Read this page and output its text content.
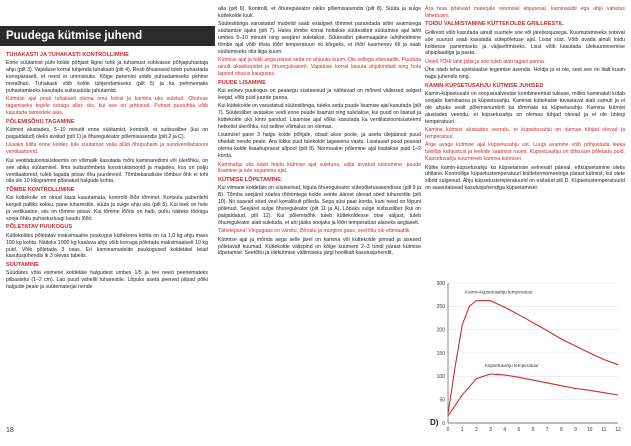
Puudega kütmise juhend

TUHAKASTI JA TUHAKASTI KONTROLLIMINE

Enne süütamist pühi kolde põhjast liigne tuhk ja tuhamust sobivasse põhjapuhastaja ahju (pilt 3). Vajaduse korral tühjenda tuhakasti (pilt 4). Resti õhuavasid tuleb puhastada korrapäraselt, et need ei ummistuks. Kõige paremini sobib puhastamiseks pehme metallhari. Tuhakasti võib kolde tühjendamiseks (pilt 5) ja ka pehmemaks puhastamiseks kasutada suitsusüüte jahutamist.

Kütmise ajal peab tuhakasti olema oma kohal ja kamina uks suletud. Ohutuse tagamiseks tegele tuhaga alles siis, kui see on jahtunud. Puhast puutuhka võib kasutada taimedele aias.

PÕLEMISÕHU TAGAMINE

Kütmist alustades, 5–10 minutit enne süütamist, kontrolli, et suitsusiiber (kui on paigaldatud) oleks avatud (pilt 1) ja õhureguleator põlemisasendis (pilt 2 ja C).

Uusaks lülita enne koldes tule süütamist välja pliidi õhupuhasti ja sundventilatsiooni ventilaatoreid.

Kui ventilatsioonisüsteemis on võimalik kasutada mõni kaminarežiimi või ülerõhku, on see abiks süütamisel. Ilma suitsutõmbeta konstruktsioonid ja majades, kus on palju ventilaatoreid, tuleb tagada piisav õhu juurdevool. Tõmbekanalisse tõmbuv õhk ei tohi olla üle 10 kilogrammi põletatud halgude kohta.

TÕMBE KONTROLLIMINE

Kui küttekolle on olnud kaua kasutamata, kontrolli lõõri tõmmet. Kortsuta paberileht kergelt palliks kokku, pane tuharestile, süüta ja sulge ahju uks (pilt 5). Kui leek on hele ja vertikaalne, siis on tõmme piisav. Kui tõmme lõõris on halb, puhu näiteks fööniga sooja õhku puhastusluugi kaudu lõõri.

PÕLETATAV PUUKOGUS

Küttekoldes põletatav maksimaalne puukogus küttekorra kohta on ca 1,0 kg ahju mass 100 kg kohta. Näiteks 1000 kg kaaluva ahju võib korraga põletada maksimaalselt 10 kg puid. Võib põletada 3 osas. Eri kaminamudelite puukogused koldetäiel leiad kasutusjuhendis lk 3 olevas tabelis.

SÜÜTAMINE

Süüdates võta esimese koldetäie halgudest umbes 1/5 ja tee need peenemateks pilbasteks (1–2 cm). Lao puud vaheliti tuharestile. Lõpuks aseta peened pilpad põiki halgude peale ja süütematerjal nende

alla (pilt 6). Kontrolli, et õhureguleator oleks põlemisasendis (pilt 8). Süüta ja sulge küttekolde luuk.

Süütesiibriga varustatud mudelid saab esialgset tõmmet parandada siibri avamisega süütamise ajaks (pilt 7). Halva tõmbe korral hoitakse süütesiibrit süütamise ajal lahti umbes 5–10 minutit ning seejärel suletakse. Süütesiibri pikemaajaline lahtihoidmine tõmbe ajal võib tõsta lõõri temperatuuri nii kõrgeks, et lõõri kuumenev õli ja saab süütamiseks olla liiga kuum.

Kütmise ajal ja tükk aega pärast seda on ahjuuks kuum. Ole sellega ettevaatlik. Puuduta ainult ukselkepidet ja õhureguleatorit. Vajaduse korral kasuta ahjukindaid ning hoia lapsed ohutus kauguses.

PUUDE LISAMINE

Kui eelnev puukogus on peaaegu süsteeniud ja nähtavad on mõned väikesed selged leegid, võib puid juurde panna.

Kui küttekolde on varustatud süütesiibriga, tuleks seda puude lisamise ajal kasutada (pilt 7). Süütesiiber avatakse veidi enne puude lisamist ning suletakse, kui puud on lisatud ja küttekolde uks kinni pandud. Lisamise ajal võiks kasutada ka ventilatsioonisüsteemi hetkelist ülerõhku, kui selline võimalus on olemas.

Lisamisel pane 3 halgu kolde põhjale, otsad ukse poole, ja aseta ülejäänud puud tihedalt nende peale. Ära lükka puid tulekolde tagaseina vastu. Lisatavad puud peavad olema kolde lisaahupraost allpool (pilt 8). Normaalne põlemine ajal lisatakse puid 1–2 korda.

Kaminahju uks tuleb hoida kütmise ajal suletuna, välja arvatud süütamine, puude lisamine ja tule segamine ajal.

KÜTMISE LÕPETAMINE

Kui viimane koldetäis on süstesinud, liiguta õhureguleator sütepõletusasendisse (pilt 9 ja B). Tõmba seejärel söelva tõörimtega kolde seinte äärest olevad söed tuharestile (pilt 10). Nii saavad söed veel korralikult põleda. Sega süsi paar korda, kuni need on lõpuni põlenud. Seejärel sulge õhureguleator (pilt 11 ja A). Lõpuks sulge suitsusiiber (kui on paigaldatud, pilt 12). Kui põlemisõhk tuleb küttekoldesse otse väljast, tuleb õhureguleator alati suletuda, et ahi jääks soojaks ja lõõri temperatuur alaneks aeglaselt.

Tähelepanu! Vingugaas on värvitu, lõhnatu ja mürgine gaas, seetõttu ole ettevaatlik.

Kütmise ajal ja mõnda aega selle järel on kamina või küttekolde pinnad ja sisesed põletavalt kuumad. Küttekolde välispind on kõige kuumem 2–3 tundi pärast kütmise lõpetamist. Seetõttu ja ülekütmise vältimiseks järgi hoolikalt kasutusjuhendit.

Ära hoia põlevaid materjale eesmisel ahjupesal, kaminasiibl ega ahju vahetus läheduses.

TOIDU VALMISTAMINE KÜTTEKOLDE GRILLRESTIL

Grillresti võib kasutada ainult suurtele söe või järelsoojusega. Kuumutamiseks sobivat söe suurust saab kasutada sütepõletuse ajal. Lisas süst. Võib avada ainult toidu koldesse panemiseks ja väljavõtmiseks. Lisst võib kasutada ülekuumenemise ahjuplaadiga ja pasta.

Ustell TOHI lahti jätta ja see tuleb alati tagasi panna.

Ühe näeb teha spetsiaalse tegemise asendis. Hoidja ja ei ole, sest see on liialt kuum nagu juhendis ning.

KAMIN-KÜPSETUSAHJU KÜTMISE JUHISED

Kamin-küpsetusahi on soojustsalvestav kombineeritud tulease, milles kaminatuli kütab soojaks kaminaosa ja küpsetusahju. Kaminat küttekatse tuvastavat alati samuti ja ei ole ahjuks sealt põlemisnumbrit ka tõmmata ka küpsetusahju. Kamina kütmist alustades veendu, et küpsetusahju on olemas tühjad olevad ja ei ole ühtegi temperatuuri.

Kamina kütmist alustades veendu, et küpsetusahju on olemas tühjad olevad ja temperatuur.

Ärge avage kütmise ajal küpsetusahju ust. Luugi avamine võib põhjustada leeka tulelõpi kahjustusi ja leekide saatmist ruumi. Küpsetusahju on tõhusam põletada puid. Küpsetusahju kuumeneb kamina kütmisel.

Kütke kamin-küpsetusahju ka küpsetamise eelnevalt päeval, ettküpsetamine oleks ühtlane. Kontrollige küpsetustemperatuuri koldetermomeetriga pärast kütmist, kui olete sibrid sulgenud. Ahju küpsetustemperatuurid on esitatud pilt D. Küpsetustemperatuurid on saavutatavad kasutusjuhendiga küpsetamisel.

0
50
100
150
200
250
300
0 1 2 3 4 5 6 7 8 9 10 11 12
Kamin-küpsetusahju temperatuur
Küpsetusahju temperatuur
D)
18
